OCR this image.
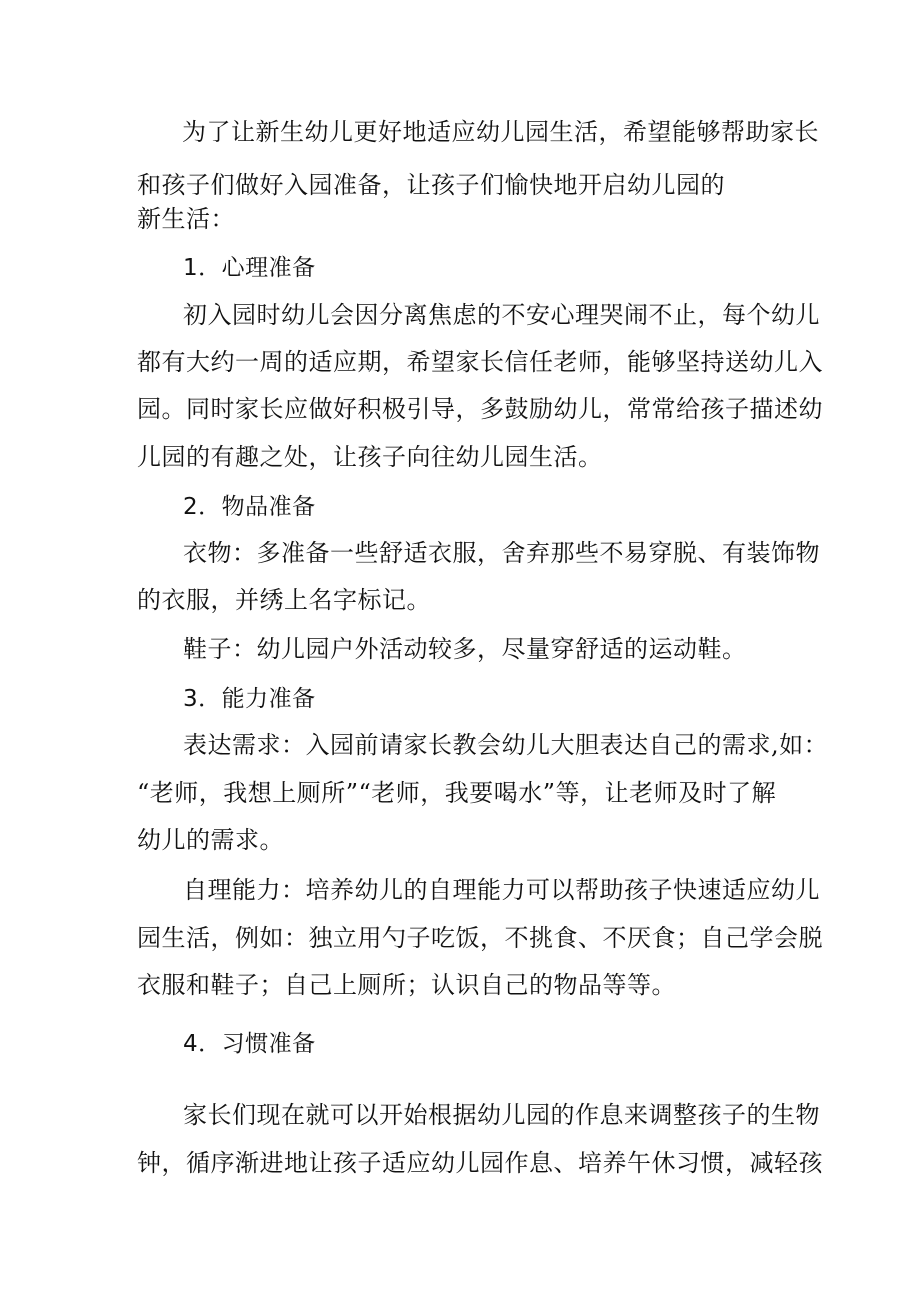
为了让新生幼儿更好地适应幼儿园生活，希望能够帮助家长
和孩子们做好入园准备，让孩子们愉快地开启幼儿园的
新生活：
1．心理准备
初入园时幼儿会因分离焦虑的不安心理哭闹不止，每个幼儿
都有大约一周的适应期，希望家长信任老师，能够坚持送幼儿入
园。同时家长应做好积极引导，多鼓励幼儿，常常给孩子描述幼
儿园的有趣之处，让孩子向往幼儿园生活。
2．物品准备
衣物：多准备一些舒适衣服，舍弃那些不易穿脱、有装饰物
的衣服，并绣上名字标记。
鞋子：幼儿园户外活动较多，尽量穿舒适的运动鞋。
3．能力准备
表达需求：入园前请家长教会幼儿大胆表达自己的需求,如：
“老师，我想上厕所”“老师，我要喝水”等，让老师及时了解
幼儿的需求。
自理能力：培养幼儿的自理能力可以帮助孩子快速适应幼儿
园生活，例如：独立用勺子吃饭，不挑食、不厌食；自己学会脱
衣服和鞋子；自己上厕所；认识自己的物品等等。
4．习惯准备
家长们现在就可以开始根据幼儿园的作息来调整孩子的生物
钟，循序渐进地让孩子适应幼儿园作息、培养午休习惯，减轻孩
